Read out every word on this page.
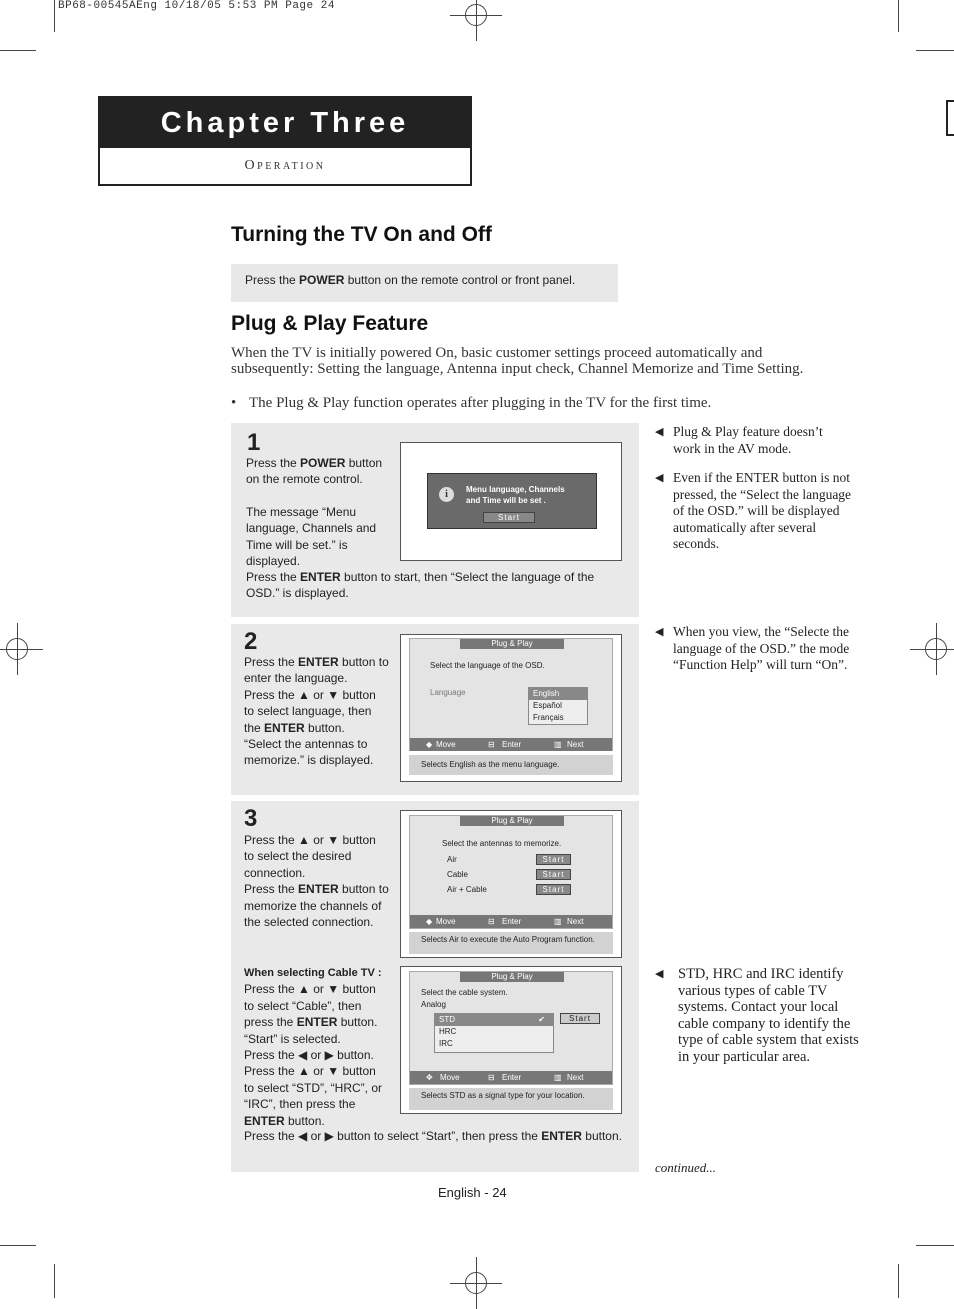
BP68-00545AEng 10/18/05 5:53 PM Page 24
Chapter Three
Operation
Turning the TV On and Off
Press the POWER button on the remote control or front panel.
Plug & Play Feature
When the TV is initially powered On, basic customer settings proceed automatically and subsequently: Setting the language, Antenna input check, Channel Memorize and Time Setting.
• The Plug & Play function operates after plugging in the TV for the first time.
1
Press the POWER button on the remote control.
The message “Menu language, Channels and Time will be set.” is displayed.
Press the ENTER button to start, then “Select the language of the OSD.” is displayed.
i	Menu language, Channels
and Time will be set .
Start
2
Press the ENTER button to enter the language.
Press the ▲ or ▼ button to select language, then the ENTER button.
“Select the antennas to memorize.” is displayed.
Plug & Play
Select the language of the OSD.
Language	English
Español
Français
◆ Move	⊟ Enter	▥ Next
Selects English as the menu language.
3
Press the ▲ or ▼ button to select the desired connection.
Press the ENTER button to memorize the channels of the selected connection.
When selecting Cable TV :
Press the ▲ or ▼ button to select “Cable”, then press the ENTER button.
“Start” is selected.
Press the ◀ or ▶ button.
Press the ▲ or ▼ button to select “STD”, “HRC”, or “IRC”, then press the ENTER button.
Press the ◀ or ▶ button to select “Start”, then press the ENTER button.
Plug & Play
Select the antennas to memorize.
Air	Start
Cable	Start
Air + Cable	Start
◆ Move	⊟ Enter	▥ Next
Selects Air to execute the Auto Program function.
Plug & Play
Select the cable system.
Analog
STD	✔
HRC
IRC
Start
✥ Move	⊟ Enter	▥ Next
Selects STD as a signal type for your location.
◀ Plug & Play feature doesn’t work in the AV mode.
◀ Even if the ENTER button is not pressed, the “Select the language of the OSD.” will be displayed automatically after several seconds.
◀ When you view, the “Selecte the language of the OSD.” the mode “Function Help” will turn “On”.
◀ STD, HRC and IRC identify various types of cable TV systems. Contact your local cable company to identify the type of cable system that exists in your particular area.
continued...
English - 24
